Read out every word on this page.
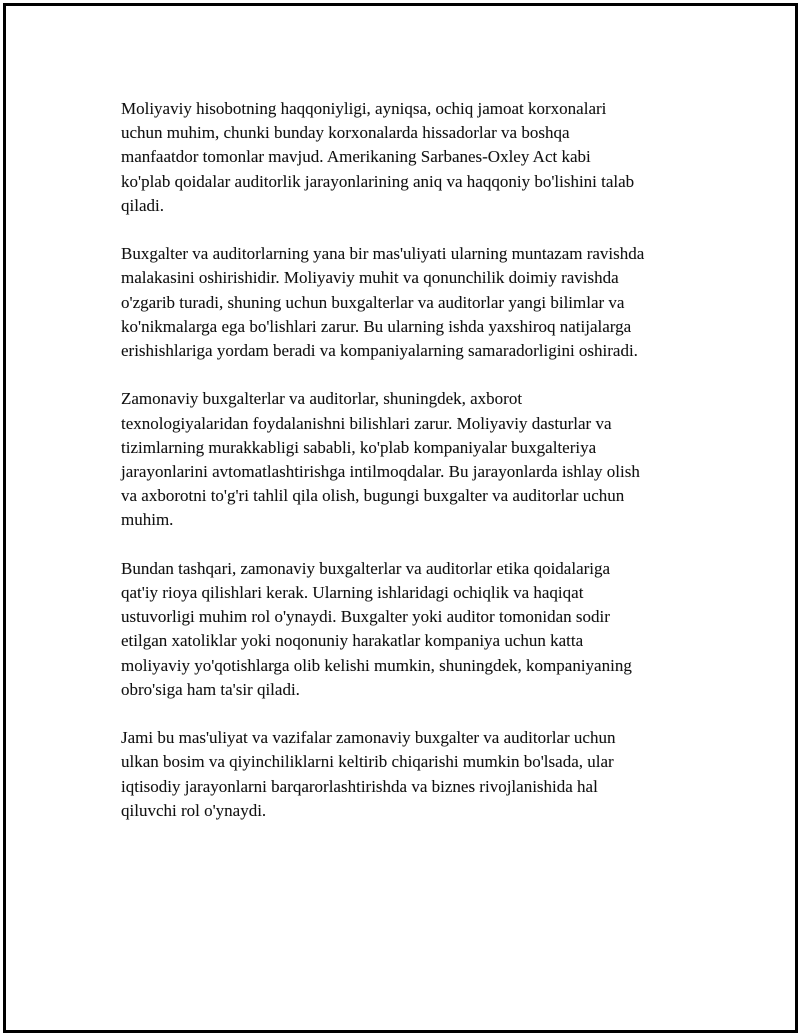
Moliyaviy hisobotning haqqoniyligi, ayniqsa, ochiq jamoat korxonalari
uchun muhim, chunki bunday korxonalarda hissadorlar va boshqa
manfaatdor tomonlar mavjud. Amerikaning Sarbanes-Oxley Act kabi
ko'plab qoidalar auditorlik jarayonlarining aniq va haqqoniy bo'lishini talab
qiladi.

Buxgalter va auditorlarning yana bir mas'uliyati ularning muntazam ravishda
malakasini oshirishidir. Moliyaviy muhit va qonunchilik doimiy ravishda
o'zgarib turadi, shuning uchun buxgalterlar va auditorlar yangi bilimlar va
ko'nikmalarga ega bo'lishlari zarur. Bu ularning ishda yaxshiroq natijalarga
erishishlariga yordam beradi va kompaniyalarning samaradorligini oshiradi.

Zamonaviy buxgalterlar va auditorlar, shuningdek, axborot
texnologiyalaridan foydalanishni bilishlari zarur. Moliyaviy dasturlar va
tizimlarning murakkabligi sababli, ko'plab kompaniyalar buxgalteriya
jarayonlarini avtomatlashtirishga intilmoqdalar. Bu jarayonlarda ishlay olish
va axborotni to'g'ri tahlil qila olish, bugungi buxgalter va auditorlar uchun
muhim.

Bundan tashqari, zamonaviy buxgalterlar va auditorlar etika qoidalariga
qat'iy rioya qilishlari kerak. Ularning ishlaridagi ochiqlik va haqiqat
ustuvorligi muhim rol o'ynaydi. Buxgalter yoki auditor tomonidan sodir
etilgan xatoliklar yoki noqonuniy harakatlar kompaniya uchun katta
moliyaviy yo'qotishlarga olib kelishi mumkin, shuningdek, kompaniyaning
obro'siga ham ta'sir qiladi.

Jami bu mas'uliyat va vazifalar zamonaviy buxgalter va auditorlar uchun
ulkan bosim va qiyinchiliklarni keltirib chiqarishi mumkin bo'lsada, ular
iqtisodiy jarayonlarni barqarorlashtirishda va biznes rivojlanishida hal
qiluvchi rol o'ynaydi.
